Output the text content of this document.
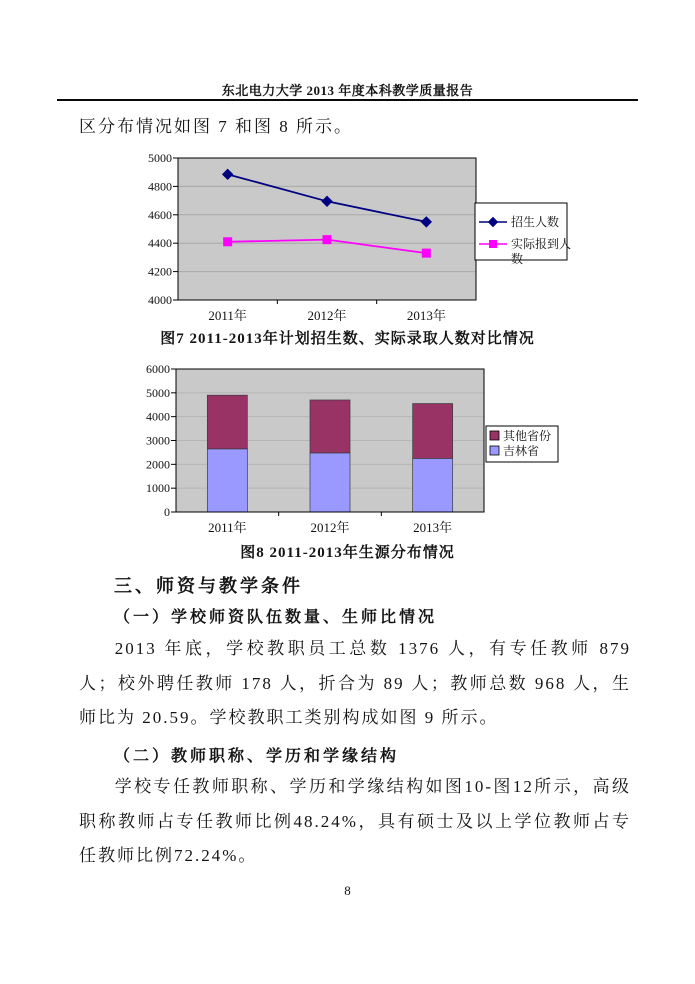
东北电力大学 2013 年度本科教学质量报告
区分布情况如图 7 和图 8 所示。
4000
4200
4400
4600
4800
5000
2011年	2012年	2013年
招生人数
实际报到人
数
图7 2011-2013年计划招生数、实际录取人数对比情况
0
1000
2000
3000
4000
5000
6000
2011年	2012年	2013年
其他省份
吉林省
图8 2011-2013年生源分布情况
三、师资与教学条件
（一）学校师资队伍数量、生师比情况
2013 年底，学校教职员工总数 1376 人，有专任教师 879 人；校外聘任教师 178 人，折合为 89 人；教师总数 968 人，生师比为 20.59。学校教职工类别构成如图 9 所示。
（二）教师职称、学历和学缘结构
学校专任教师职称、学历和学缘结构如图10-图12所示，高级职称教师占专任教师比例48.24%，具有硕士及以上学位教师占专任教师比例72.24%。
8
